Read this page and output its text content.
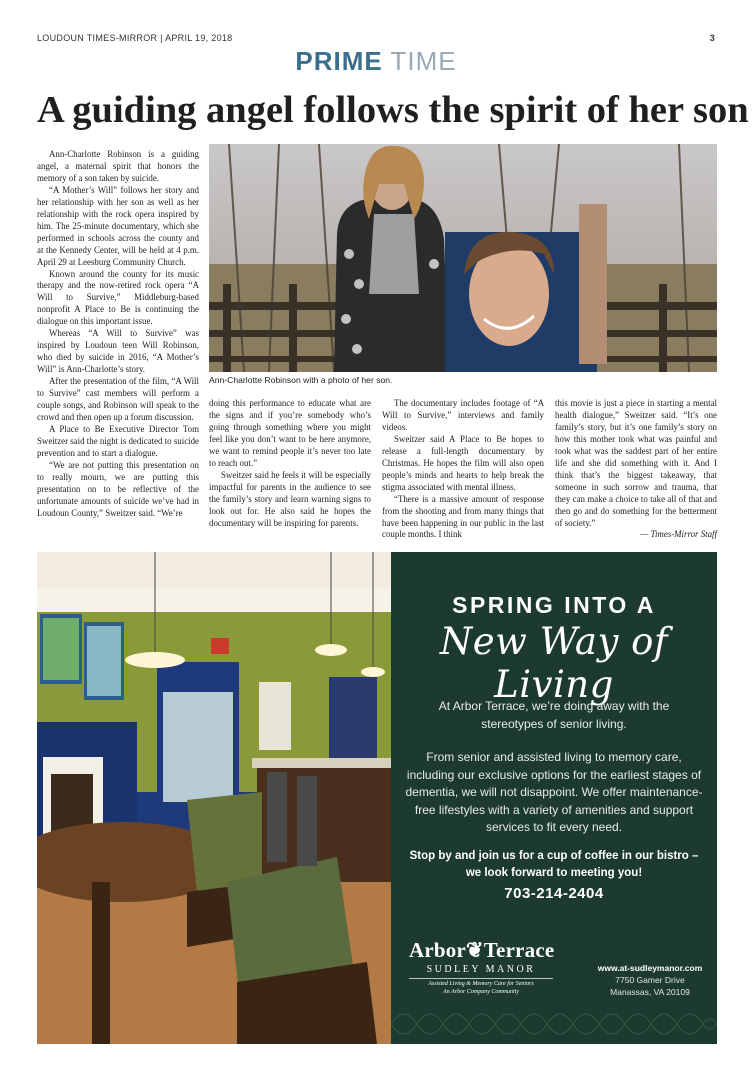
LOUDOUN TIMES-MIRROR | APRIL 19, 2018	3
PRIME TIME
A guiding angel follows the spirit of her son

Ann-Charlotte Robinson is a guiding angel, a maternal spirit that honors the memory of a son taken by suicide.

“A Mother’s Will” follows her story and her relationship with her son as well as her relationship with the rock opera inspired by him. The 25-minute documentary, which she performed in schools across the county and at the Kennedy Center, will be held at 4 p.m. April 29 at Leesburg Community Church.

Known around the county for its music therapy and the now-retired rock opera “A Will to Survive,” Middleburg-based nonprofit A Place to Be is continuing the dialogue on this important issue.

Whereas “A Will to Survive” was inspired by Loudoun teen Will Robinson, who died by suicide in 2016, “A Mother’s Will” is Ann-Charlotte’s story.

After the presentation of the film, “A Will to Survive” cast members will perform a couple songs, and Robinson will speak to the crowd and then open up a forum discussion.

A Place to Be Executive Director Tom Sweitzer said the night is dedicated to suicide prevention and to start a dialogue.

“We are not putting this presentation on to really mourn, we are putting this presentation on to be reflective of the unfortunate amounts of suicide we’ve had in Loudoun County,” Sweitzer said. “We’re

Ann-Charlotte Robinson with a photo of her son.

doing this performance to educate what are the signs and if you’re somebody who’s going through something where you might feel like you don’t want to be here anymore, we want to remind people it’s never too late to reach out.”

Sweitzer said he feels it will be especially impactful for parents in the audience to see the family’s story and learn warning signs to look out for. He also said he hopes the documentary will be inspiring for parents.

The documentary includes footage of “A Will to Survive,” interviews and family videos.

Sweitzer said A Place to Be hopes to release a full-length documentary by Christmas. He hopes the film will also open people’s minds and hearts to help break the stigma associated with mental illness.

“There is a massive amount of response from the shooting and from many things that have been happening in our public in the last couple months. I think

this movie is just a piece in starting a mental health dialogue,” Sweitzer said. “It’s one family’s story, but it’s one family’s story on how this mother took what was painful and took what was the saddest part of her entire life and she did something with it. And I think that’s the biggest takeaway, that someone in such sorrow and trauma, that they can make a choice to take all of that and then go and do something for the betterment of society.”

— Times-Mirror Staff
SPRING INTO A
New Way of Living
At Arbor Terrace, we’re doing away with the stereotypes of senior living.
From senior and assisted living to memory care, including our exclusive options for the earliest stages of dementia, we will not disappoint. We offer maintenance-free lifestyles with a variety of amenities and support services to fit every need.
Stop by and join us for a cup of coffee in our bistro – we look forward to meeting you!
703-214-2404
Arbor❦Terrace
SUDLEY MANOR
Assisted Living & Memory Care for Seniors
An Arbor Company Community
www.at-sudleymanor.com
7750 Gamer Drive
Manassas, VA 20109
